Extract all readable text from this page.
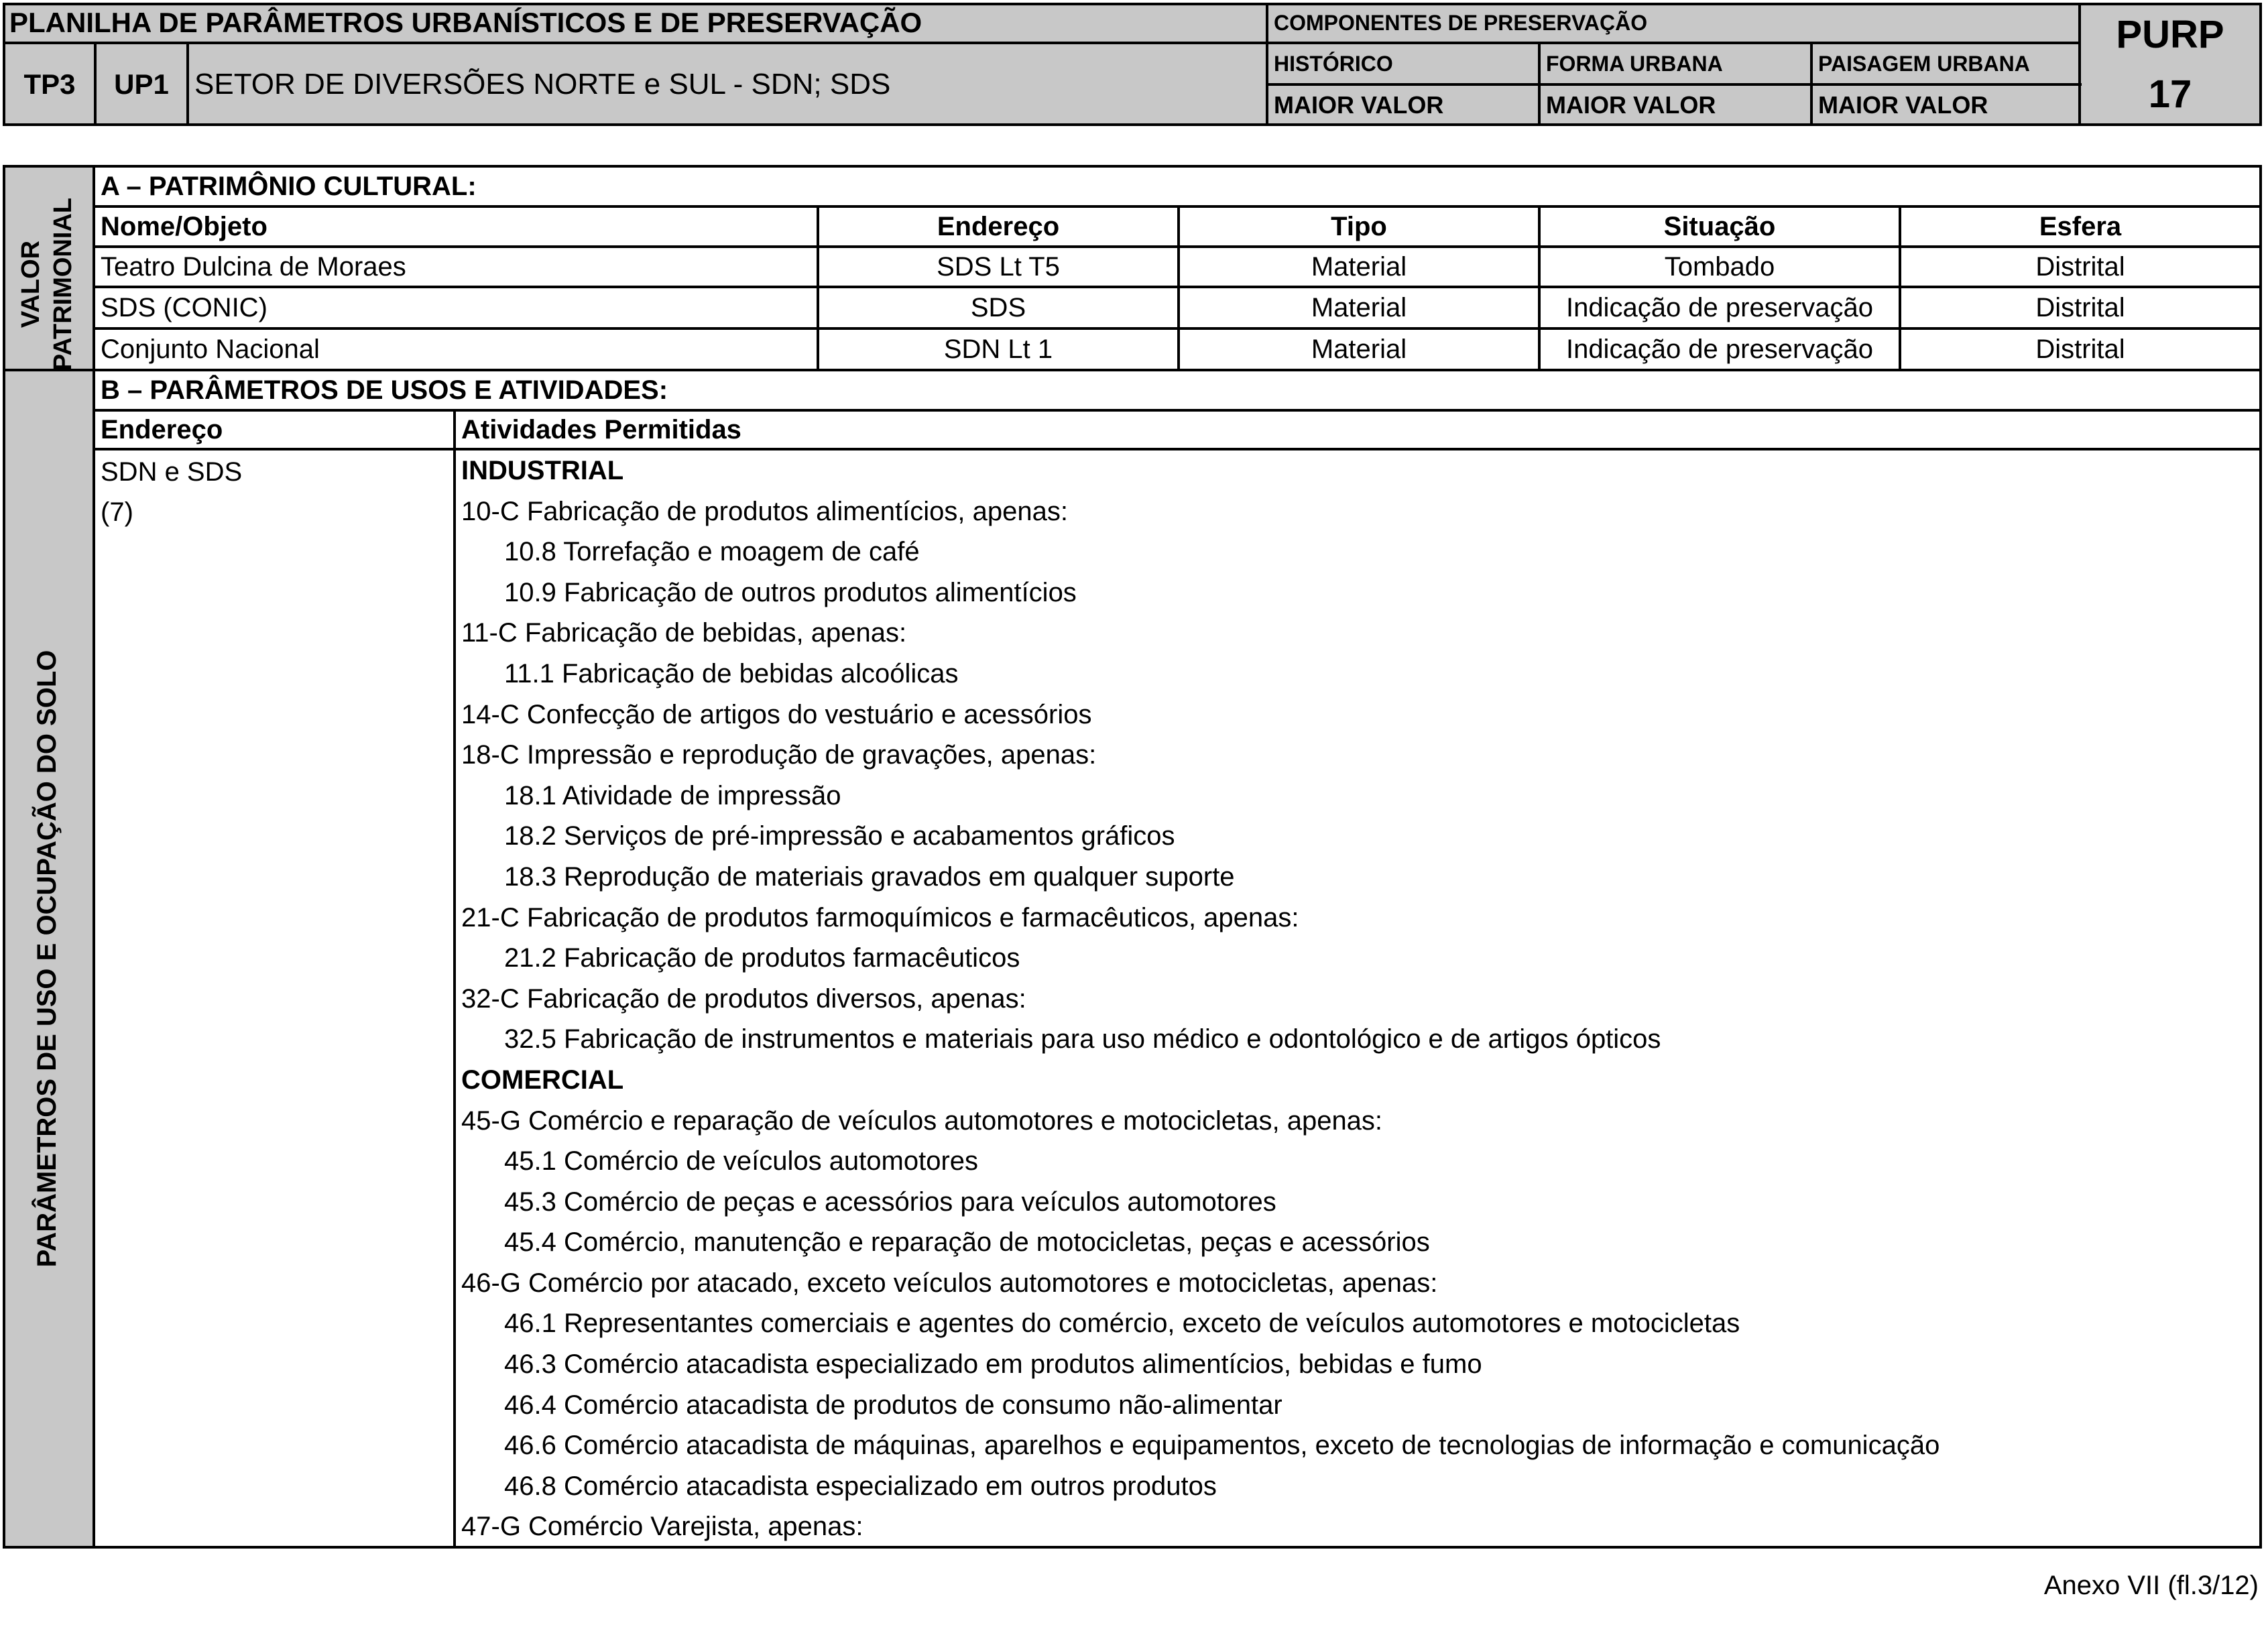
PLANILHA DE PARÂMETROS URBANÍSTICOS E DE PRESERVAÇÃO
TP3	UP1 SETOR DE DIVERSÕES NORTE e SUL - SDN; SDS
COMPONENTES DE PRESERVAÇÃO
HISTÓRICO	FORMA URBANA	PAISAGEM URBANA
MAIOR VALOR	MAIOR VALOR	MAIOR VALOR
PURP
17
VALOR PATRIMONIAL
PARÂMETROS DE USO E OCUPAÇÃO DO SOLO
A – PATRIMÔNIO CULTURAL:
Nome/Objeto	Endereço	Tipo	Situação	Esfera
Teatro Dulcina de Moraes	SDS Lt T5	Material	Tombado	Distrital
SDS (CONIC)	SDS	Material	Indicação de preservação	Distrital
Conjunto Nacional	SDN Lt 1	Material	Indicação de preservação	Distrital
B – PARÂMETROS DE USOS E ATIVIDADES:
Endereço	Atividades Permitidas
SDN e SDS
(7)
INDUSTRIAL
10-C Fabricação de produtos alimentícios, apenas:
10.8 Torrefação e moagem de café
10.9 Fabricação de outros produtos alimentícios
11-C Fabricação de bebidas, apenas:
11.1 Fabricação de bebidas alcoólicas
14-C Confecção de artigos do vestuário e acessórios
18-C Impressão e reprodução de gravações, apenas:
18.1 Atividade de impressão
18.2 Serviços de pré-impressão e acabamentos gráficos
18.3 Reprodução de materiais gravados em qualquer suporte
21-C Fabricação de produtos farmoquímicos e farmacêuticos, apenas:
21.2 Fabricação de produtos farmacêuticos
32-C Fabricação de produtos diversos, apenas:
32.5 Fabricação de instrumentos e materiais para uso médico e odontológico e de artigos ópticos
COMERCIAL
45-G Comércio e reparação de veículos automotores e motocicletas, apenas:
45.1 Comércio de veículos automotores
45.3 Comércio de peças e acessórios para veículos automotores
45.4 Comércio, manutenção e reparação de motocicletas, peças e acessórios
46-G Comércio por atacado, exceto veículos automotores e motocicletas, apenas:
46.1 Representantes comerciais e agentes do comércio, exceto de veículos automotores e motocicletas
46.3 Comércio atacadista especializado em produtos alimentícios, bebidas e fumo
46.4 Comércio atacadista de produtos de consumo não-alimentar
46.6 Comércio atacadista de máquinas, aparelhos e equipamentos, exceto de tecnologias de informação e comunicação
46.8 Comércio atacadista especializado em outros produtos
47-G Comércio Varejista, apenas:
Anexo VII (fl.3/12)
